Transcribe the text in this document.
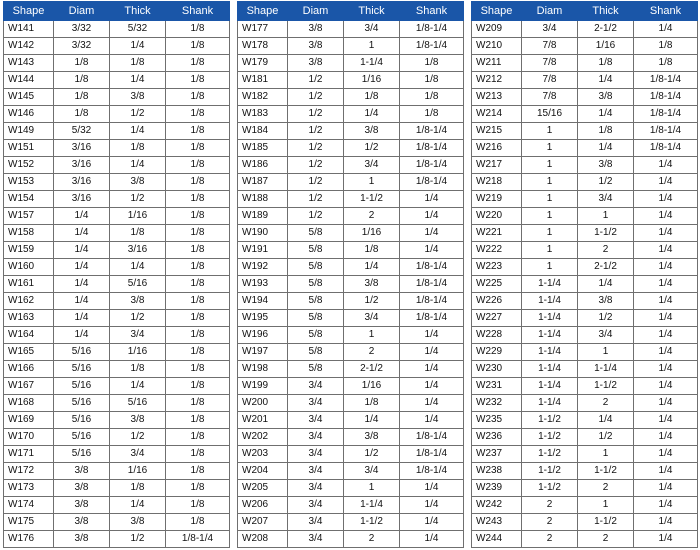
Shape	Diam	Thick	Shank
W141	3/32	5/32	1/8
W142	3/32	1/4	1/8
W143	1/8	1/8	1/8
W144	1/8	1/4	1/8
W145	1/8	3/8	1/8
W146	1/8	1/2	1/8
W149	5/32	1/4	1/8
W151	3/16	1/8	1/8
W152	3/16	1/4	1/8
W153	3/16	3/8	1/8
W154	3/16	1/2	1/8
W157	1/4	1/16	1/8
W158	1/4	1/8	1/8
W159	1/4	3/16	1/8
W160	1/4	1/4	1/8
W161	1/4	5/16	1/8
W162	1/4	3/8	1/8
W163	1/4	1/2	1/8
W164	1/4	3/4	1/8
W165	5/16	1/16	1/8
W166	5/16	1/8	1/8
W167	5/16	1/4	1/8
W168	5/16	5/16	1/8
W169	5/16	3/8	1/8
W170	5/16	1/2	1/8
W171	5/16	3/4	1/8
W172	3/8	1/16	1/8
W173	3/8	1/8	1/8
W174	3/8	1/4	1/8
W175	3/8	3/8	1/8
W176	3/8	1/2	1/8-1/4
Shape	Diam	Thick	Shank
W177	3/8	3/4	1/8-1/4
W178	3/8	1	1/8-1/4
W179	3/8	1-1/4	1/8
W181	1/2	1/16	1/8
W182	1/2	1/8	1/8
W183	1/2	1/4	1/8
W184	1/2	3/8	1/8-1/4
W185	1/2	1/2	1/8-1/4
W186	1/2	3/4	1/8-1/4
W187	1/2	1	1/8-1/4
W188	1/2	1-1/2	1/4
W189	1/2	2	1/4
W190	5/8	1/16	1/4
W191	5/8	1/8	1/4
W192	5/8	1/4	1/8-1/4
W193	5/8	3/8	1/8-1/4
W194	5/8	1/2	1/8-1/4
W195	5/8	3/4	1/8-1/4
W196	5/8	1	1/4
W197	5/8	2	1/4
W198	5/8	2-1/2	1/4
W199	3/4	1/16	1/4
W200	3/4	1/8	1/4
W201	3/4	1/4	1/4
W202	3/4	3/8	1/8-1/4
W203	3/4	1/2	1/8-1/4
W204	3/4	3/4	1/8-1/4
W205	3/4	1	1/4
W206	3/4	1-1/4	1/4
W207	3/4	1-1/2	1/4
W208	3/4	2	1/4
Shape	Diam	Thick	Shank
W209	3/4	2-1/2	1/4
W210	7/8	1/16	1/8
W211	7/8	1/8	1/8
W212	7/8	1/4	1/8-1/4
W213	7/8	3/8	1/8-1/4
W214	15/16	1/4	1/8-1/4
W215	1	1/8	1/8-1/4
W216	1	1/4	1/8-1/4
W217	1	3/8	1/4
W218	1	1/2	1/4
W219	1	3/4	1/4
W220	1	1	1/4
W221	1	1-1/2	1/4
W222	1	2	1/4
W223	1	2-1/2	1/4
W225	1-1/4	1/4	1/4
W226	1-1/4	3/8	1/4
W227	1-1/4	1/2	1/4
W228	1-1/4	3/4	1/4
W229	1-1/4	1	1/4
W230	1-1/4	1-1/4	1/4
W231	1-1/4	1-1/2	1/4
W232	1-1/4	2	1/4
W235	1-1/2	1/4	1/4
W236	1-1/2	1/2	1/4
W237	1-1/2	1	1/4
W238	1-1/2	1-1/2	1/4
W239	1-1/2	2	1/4
W242	2	1	1/4
W243	2	1-1/2	1/4
W244	2	2	1/4
